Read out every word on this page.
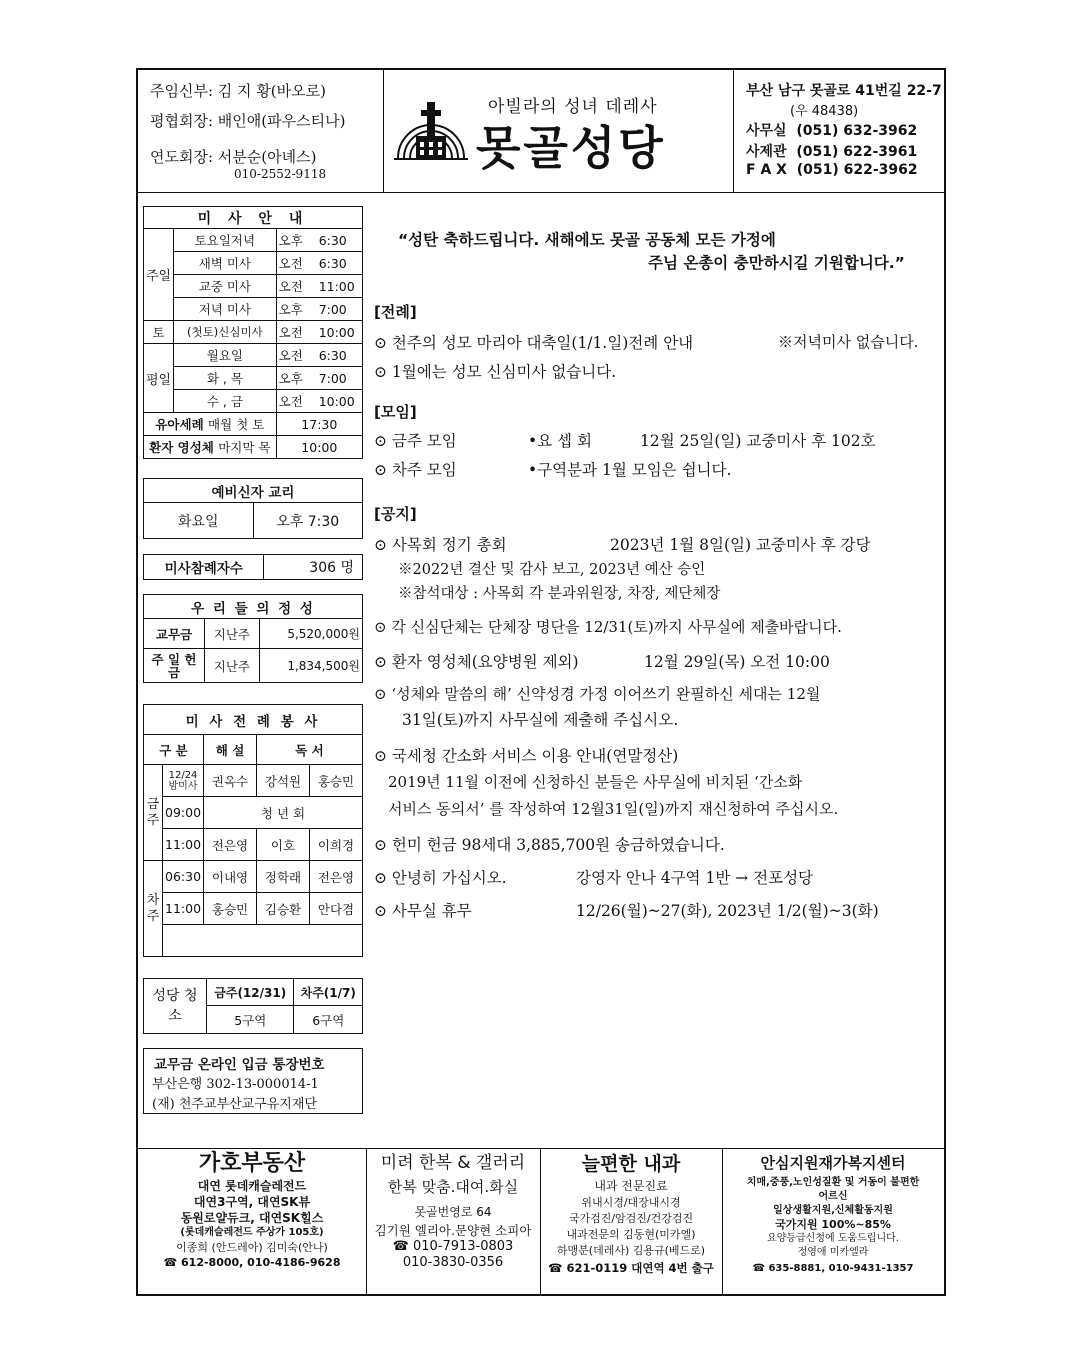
주임신부: 김 지 황(바오로)
평협회장: 배인애(파우스티나)
연도회장: 서분순(아녜스)
010-2552-9118
아빌라의 성녀 데레사
못골성당
부산 남구 못골로 41번길 22-7
(우 48438)
사무실 (051) 632-3962
사제관 (051) 622-3961
F A X (051) 622-3962
미 사 안 내		
주일	토요일저녁	오후 6:30
	새벽 미사	오전 6:30
	교중 미사	오전 11:00
	저녁 미사	오후 7:00
토	(첫토)신심미사	오전 10:00
평일	월요일	오전 6:30
	화 , 목	오후 7:00
	수 , 금	오전 10:00
유아세례 매월 첫 토		17:30
환자 영성체 마지막 목		10:00
예비신자 교리
화요일	오후 7:30
미사참례자수	306 명
우 리 들 의 정 성		
교무금	지난주	5,520,000원
주 일 헌 금	지난주	1,834,500원
미 사 전 례 봉 사				
구 분		해 설	독 서	
금주	12/24 밤미사	권옥수	강석원	홍승민
	09:00	청 년 회		
	11:00	전은영	이호	이희경
차주	06:30	이내영	정학래	전은영
	11:00	홍승민	김승환	안다겸

성당 청소	금주(12/31)	차주(1/7)
	5구역	6구역
교무금 온라인 입금 통장번호
부산은행 302-13-000014-1
(재) 천주교부산교구유지재단
“성탄 축하드립니다. 새해에도 못골 공동체 모든 가정에
주님 온총이 충만하시길 기원합니다.”
[전례]
⊙ 천주의 성모 마리아 대축일(1/1.일)전례 안내	※저녁미사 없습니다.
⊙ 1월에는 성모 신심미사 없습니다.
[모임]
⊙ 금주 모임	•요 셉 회	12월 25일(일) 교중미사 후 102호
⊙ 차주 모임	•구역분과 1월 모임은 쉽니다.
[공지]
⊙ 사목회 정기 총회	2023년 1월 8일(일) 교중미사 후 강당
※2022년 결산 및 감사 보고, 2023년 예산 승인
※참석대상 : 사목회 각 분과위원장, 차장, 제단체장
⊙ 각 신심단체는 단체장 명단을 12/31(토)까지 사무실에 제출바랍니다.
⊙ 환자 영성체(요양병원 제외)	12월 29일(목) 오전 10:00
⊙ ‘성체와 말씀의 해’ 신약성경 가정 이어쓰기 완필하신 세대는 12월
31일(토)까지 사무실에 제출해 주십시오.
⊙ 국세청 간소화 서비스 이용 안내(연말정산)
2019년 11월 이전에 신청하신 분들은 사무실에 비치된 ‘간소화
서비스 동의서’ 를 작성하여 12월31일(일)까지 재신청하여 주십시오.
⊙ 헌미 헌금 98세대 3,885,700원 송금하였습니다.
⊙ 안녕히 가십시오.	강영자 안나 4구역 1반 → 전포성당
⊙ 사무실 휴무	12/26(월)~27(화), 2023년 1/2(월)~3(화)
가호부동산
대연 롯데캐슬레전드
대연3구역, 대연SK뷰
동원로얄듀크, 대연SK힐스
(롯데캐슬레전드 주상가 105호)
이종희 (안드레아) 김미숙(안나)
☎ 612-8000, 010-4186-9628
미려 한복 & 갤러리
한복 맞춤.대여.화실
못골번영로 64
김기원 엘리아.문양현 소피아
☎ 010-7913-0803
010-3830-0356
늘편한 내과
내과 전문진료
위내시경/대장내시경
국가검진/암검진/건강검진
내과전문의 김동현(미카엘)
하맹분(데레사) 김용규(베드로)
☎ 621-0119 대연역 4번 출구
안심지원재가복지센터
치매,중풍,노인성질환 및 거동이 불편한
어르신
일상생활지원,신체활동지원
국가지원 100%~85%
요양등급신청에 도움드립니다.
정영애 미카엘라
☎ 635-8881, 010-9431-1357
